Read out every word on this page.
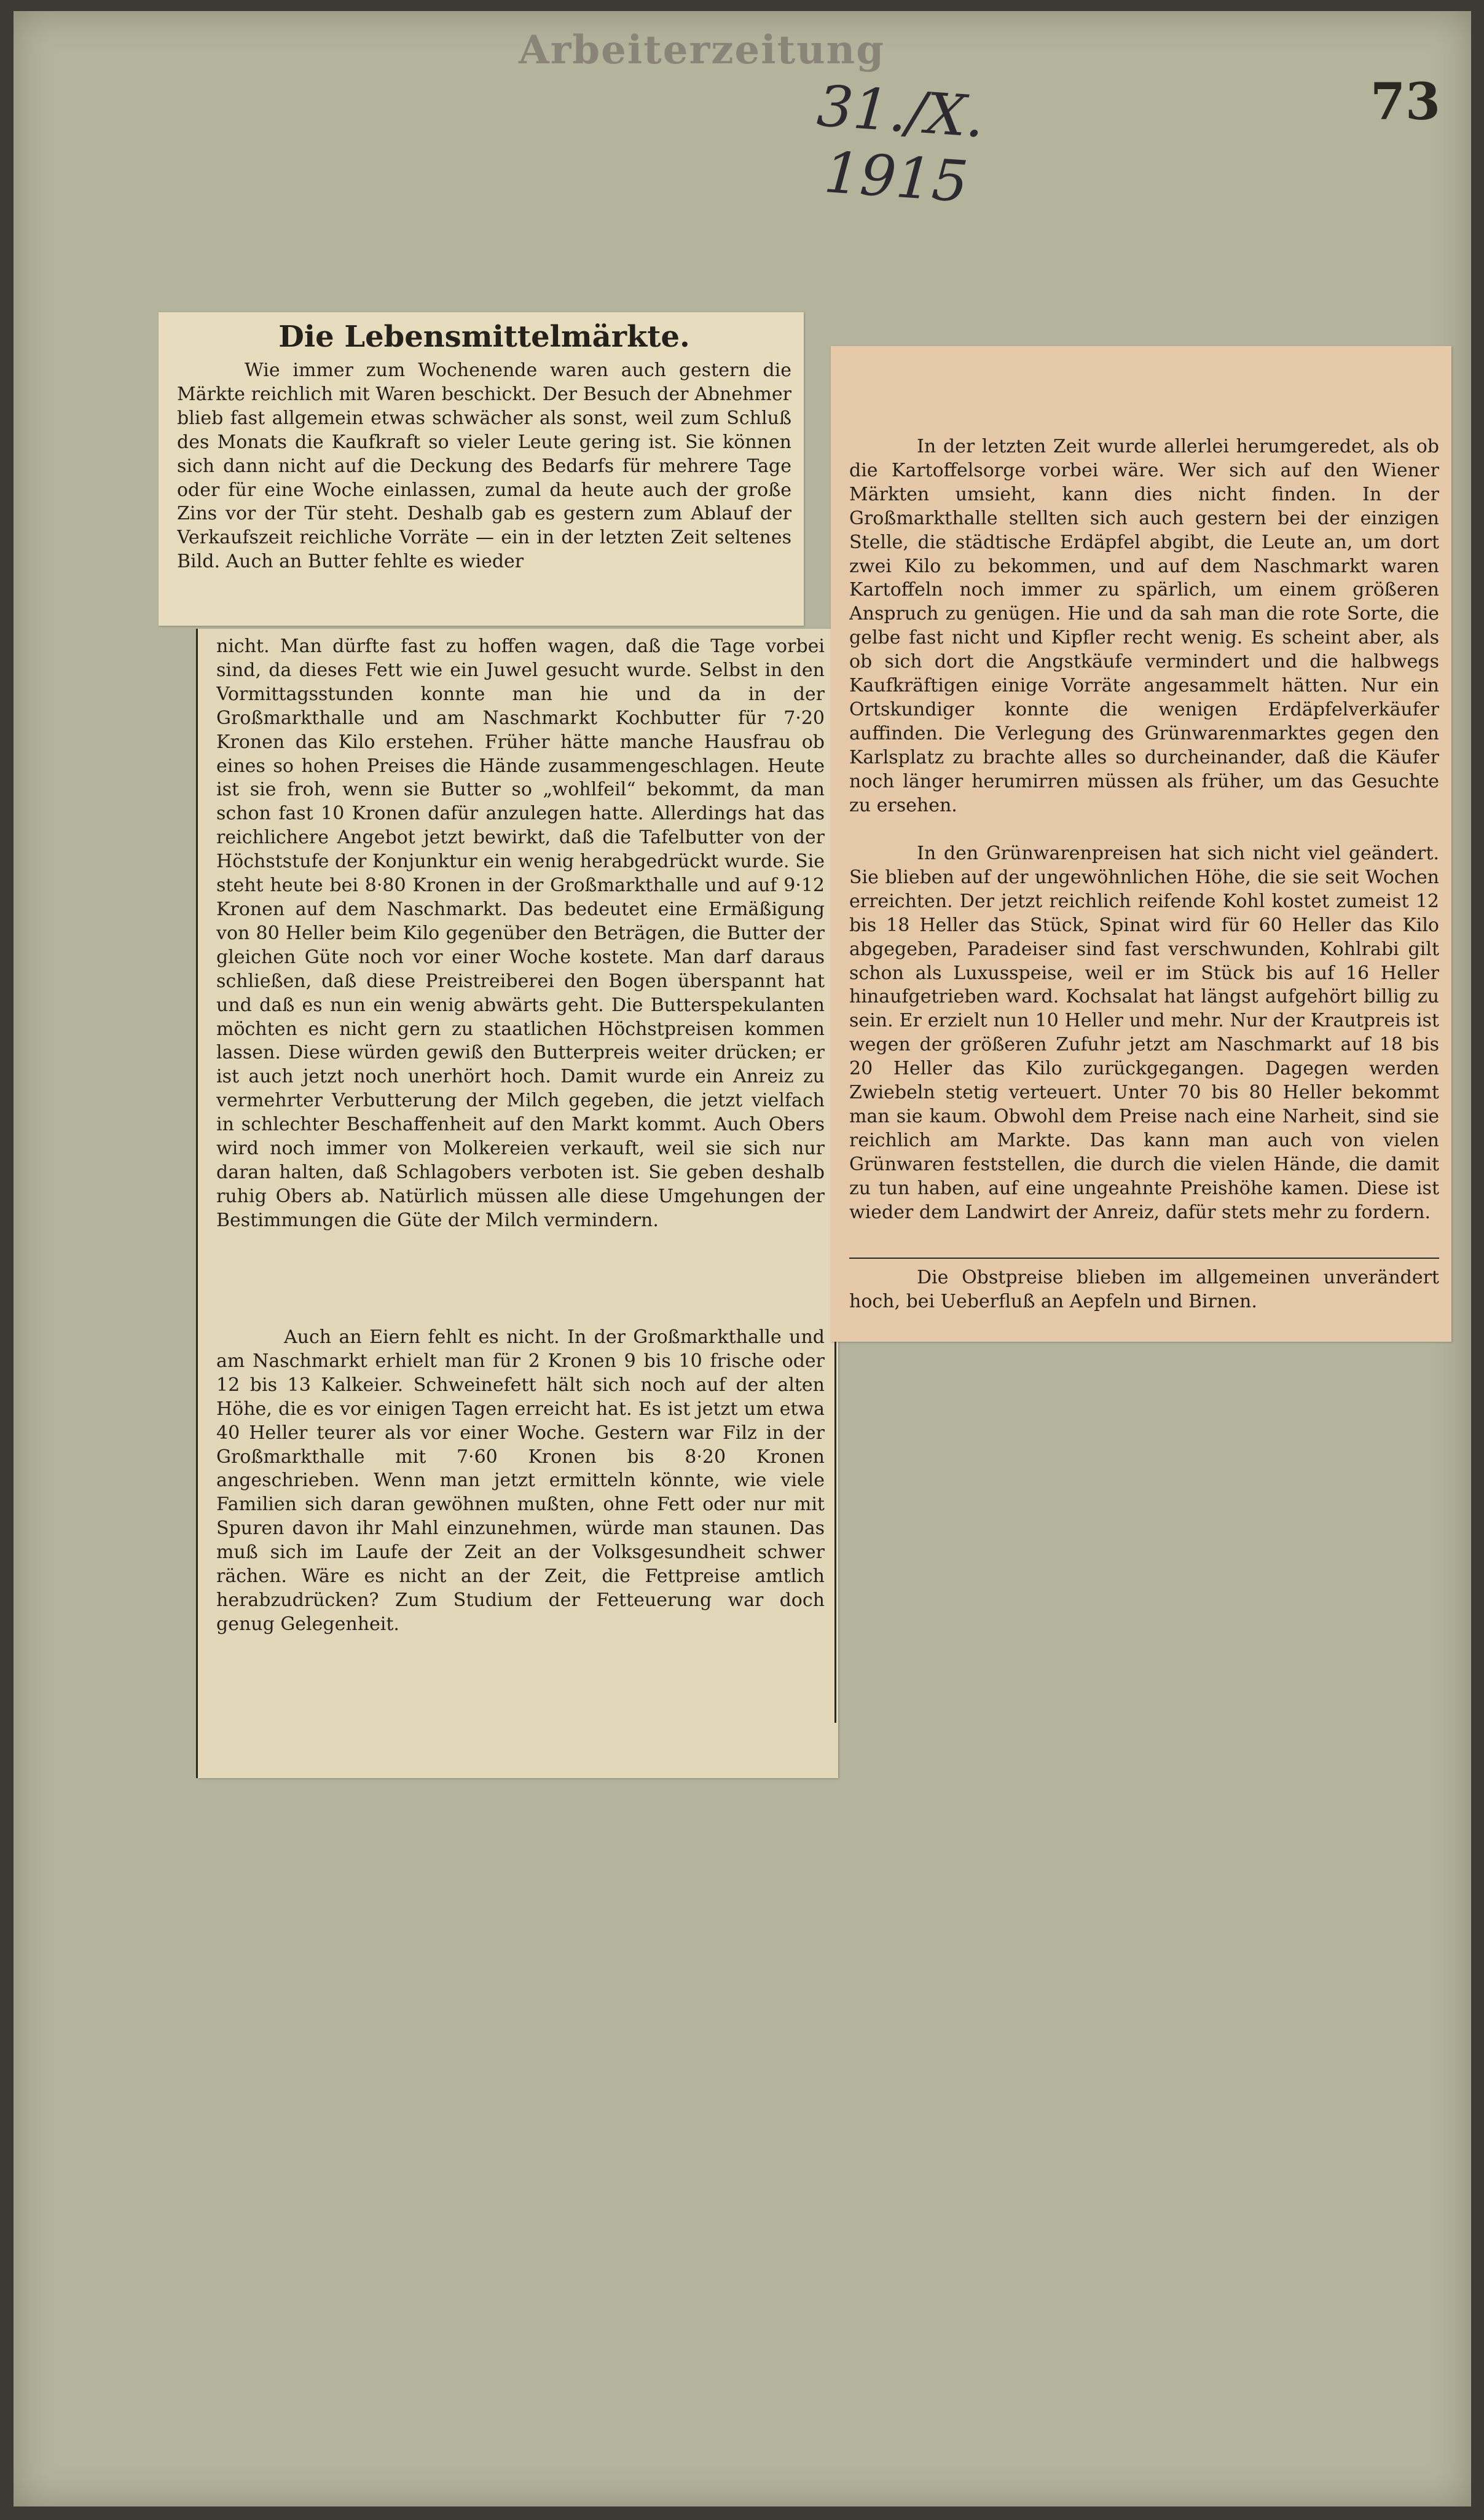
Arbeiterzeitung
31./X. 1915
73
Die Lebensmittelmärkte.

Wie immer zum Wochenende waren auch gestern die Märkte reichlich mit Waren beschickt. Der Besuch der Abnehmer blieb fast allgemein etwas schwächer als sonst, weil zum Schluß des Monats die Kaufkraft so vieler Leute gering ist. Sie können sich dann nicht auf die Deckung des Bedarfs für mehrere Tage oder für eine Woche einlassen, zumal da heute auch der große Zins vor der Tür steht. Deshalb gab es gestern zum Ablauf der Verkaufszeit reichliche Vorräte — ein in der letzten Zeit seltenes Bild. Auch an Butter fehlte es wieder

nicht. Man dürfte fast zu hoffen wagen, daß die Tage vorbei sind, da dieses Fett wie ein Juwel gesucht wurde. Selbst in den Vormittagsstunden konnte man hie und da in der Großmarkthalle und am Naschmarkt Kochbutter für 7·20 Kronen das Kilo erstehen. Früher hätte manche Hausfrau ob eines so hohen Preises die Hände zusammengeschlagen. Heute ist sie froh, wenn sie Butter so „wohlfeil“ bekommt, da man schon fast 10 Kronen dafür anzulegen hatte. Allerdings hat das reichlichere Angebot jetzt bewirkt, daß die Tafelbutter von der Höchststufe der Konjunktur ein wenig herabgedrückt wurde. Sie steht heute bei 8·80 Kronen in der Großmarkthalle und auf 9·12 Kronen auf dem Naschmarkt. Das bedeutet eine Ermäßigung von 80 Heller beim Kilo gegenüber den Beträgen, die Butter der gleichen Güte noch vor einer Woche kostete. Man darf daraus schließen, daß diese Preistreiberei den Bogen überspannt hat und daß es nun ein wenig abwärts geht. Die Butterspekulanten möchten es nicht gern zu staatlichen Höchstpreisen kommen lassen. Diese würden gewiß den Butterpreis weiter drücken; er ist auch jetzt noch unerhört hoch. Damit wurde ein Anreiz zu vermehrter Verbutterung der Milch gegeben, die jetzt vielfach in schlechter Beschaffenheit auf den Markt kommt. Auch Obers wird noch immer von Molkereien verkauft, weil sie sich nur daran halten, daß Schlagobers verboten ist. Sie geben deshalb ruhig Obers ab. Natürlich müssen alle diese Umgehungen der Bestimmungen die Güte der Milch vermindern.

Auch an Eiern fehlt es nicht. In der Großmarkthalle und am Naschmarkt erhielt man für 2 Kronen 9 bis 10 frische oder 12 bis 13 Kalkeier. Schweinefett hält sich noch auf der alten Höhe, die es vor einigen Tagen erreicht hat. Es ist jetzt um etwa 40 Heller teurer als vor einer Woche. Gestern war Filz in der Großmarkthalle mit 7·60 Kronen bis 8·20 Kronen angeschrieben. Wenn man jetzt ermitteln könnte, wie viele Familien sich daran gewöhnen mußten, ohne Fett oder nur mit Spuren davon ihr Mahl einzunehmen, würde man staunen. Das muß sich im Laufe der Zeit an der Volksgesundheit schwer rächen. Wäre es nicht an der Zeit, die Fettpreise amtlich herabzudrücken? Zum Studium der Fetteuerung war doch genug Gelegenheit.

In der letzten Zeit wurde allerlei herumgeredet, als ob die Kartoffelsorge vorbei wäre. Wer sich auf den Wiener Märkten umsieht, kann dies nicht finden. In der Großmarkthalle stellten sich auch gestern bei der einzigen Stelle, die städtische Erdäpfel abgibt, die Leute an, um dort zwei Kilo zu bekommen, und auf dem Naschmarkt waren Kartoffeln noch immer zu spärlich, um einem größeren Anspruch zu genügen. Hie und da sah man die rote Sorte, die gelbe fast nicht und Kipfler recht wenig. Es scheint aber, als ob sich dort die Angstkäufe vermindert und die halbwegs Kaufkräftigen einige Vorräte angesammelt hätten. Nur ein Ortskundiger konnte die wenigen Erdäpfelverkäufer auffinden. Die Verlegung des Grünwarenmarktes gegen den Karlsplatz zu brachte alles so durcheinander, daß die Käufer noch länger herumirren müssen als früher, um das Gesuchte zu ersehen.

In den Grünwarenpreisen hat sich nicht viel geändert. Sie blieben auf der ungewöhnlichen Höhe, die sie seit Wochen erreichten. Der jetzt reichlich reifende Kohl kostet zumeist 12 bis 18 Heller das Stück, Spinat wird für 60 Heller das Kilo abgegeben, Paradeiser sind fast verschwunden, Kohlrabi gilt schon als Luxusspeise, weil er im Stück bis auf 16 Heller hinaufgetrieben ward. Kochsalat hat längst aufgehört billig zu sein. Er erzielt nun 10 Heller und mehr. Nur der Krautpreis ist wegen der größeren Zufuhr jetzt am Naschmarkt auf 18 bis 20 Heller das Kilo zurückgegangen. Dagegen werden Zwiebeln stetig verteuert. Unter 70 bis 80 Heller bekommt man sie kaum. Obwohl dem Preise nach eine Narheit, sind sie reichlich am Markte. Das kann man auch von vielen Grünwaren feststellen, die durch die vielen Hände, die damit zu tun haben, auf eine ungeahnte Preishöhe kamen. Diese ist wieder dem Landwirt der Anreiz, dafür stets mehr zu fordern.

Die Obstpreise blieben im allgemeinen unverändert hoch, bei Ueberfluß an Aepfeln und Birnen.
